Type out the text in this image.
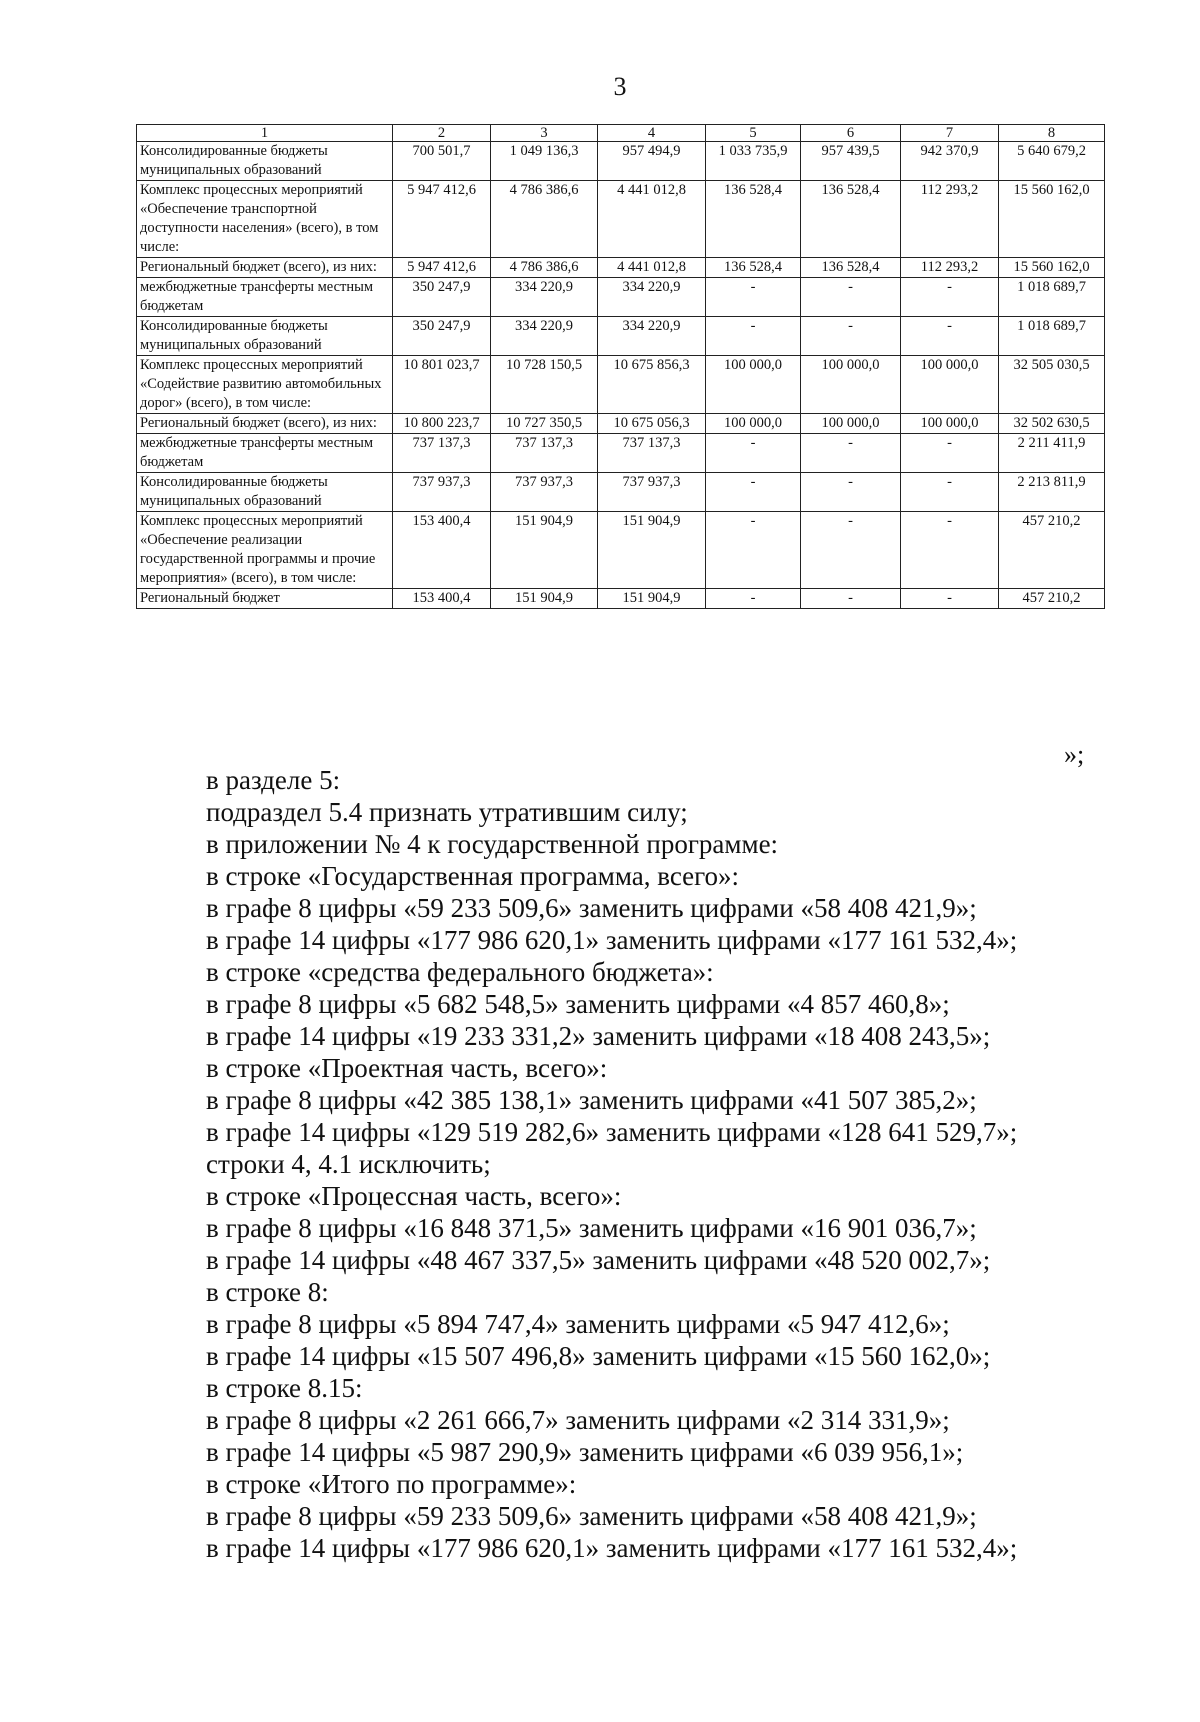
3
1	2	3	4	5	6	7	8
Консолидированные бюджеты муниципальных образований	700 501,7	1 049 136,3	957 494,9	1 033 735,9	957 439,5	942 370,9	5 640 679,2
Комплекс процессных мероприятий «Обеспечение транспортной доступности населения» (всего), в том числе:	5 947 412,6	4 786 386,6	4 441 012,8	136 528,4	136 528,4	112 293,2	15 560 162,0
Региональный бюджет (всего), из них:	5 947 412,6	4 786 386,6	4 441 012,8	136 528,4	136 528,4	112 293,2	15 560 162,0
межбюджетные трансферты местным бюджетам	350 247,9	334 220,9	334 220,9	-	-	-	1 018 689,7
Консолидированные бюджеты муниципальных образований	350 247,9	334 220,9	334 220,9	-	-	-	1 018 689,7
Комплекс процессных мероприятий «Содействие развитию автомобильных дорог» (всего), в том числе:	10 801 023,7	10 728 150,5	10 675 856,3	100 000,0	100 000,0	100 000,0	32 505 030,5
Региональный бюджет (всего), из них:	10 800 223,7	10 727 350,5	10 675 056,3	100 000,0	100 000,0	100 000,0	32 502 630,5
межбюджетные трансферты местным бюджетам	737 137,3	737 137,3	737 137,3	-	-	-	2 211 411,9
Консолидированные бюджеты муниципальных образований	737 937,3	737 937,3	737 937,3	-	-	-	2 213 811,9
Комплекс процессных мероприятий «Обеспечение реализации государственной программы и прочие мероприятия» (всего), в том числе:	153 400,4	151 904,9	151 904,9	-	-	-	457 210,2
Региональный бюджет	153 400,4	151 904,9	151 904,9	-	-	-	457 210,2
»;
в разделе 5:
подраздел 5.4 признать утратившим силу;
в приложении № 4 к государственной программе:
в строке «Государственная программа, всего»:
в графе 8 цифры «59 233 509,6» заменить цифрами «58 408 421,9»;
в графе 14 цифры «177 986 620,1» заменить цифрами «177 161 532,4»;
в строке «средства федерального бюджета»:
в графе 8 цифры «5 682 548,5» заменить цифрами «4 857 460,8»;
в графе 14 цифры «19 233 331,2» заменить цифрами «18 408 243,5»;
в строке «Проектная часть, всего»:
в графе 8 цифры «42 385 138,1» заменить цифрами «41 507 385,2»;
в графе 14 цифры «129 519 282,6» заменить цифрами «128 641 529,7»;
строки 4, 4.1 исключить;
в строке «Процессная часть, всего»:
в графе 8 цифры «16 848 371,5» заменить цифрами «16 901 036,7»;
в графе 14 цифры «48 467 337,5» заменить цифрами «48 520 002,7»;
в строке 8:
в графе 8 цифры «5 894 747,4» заменить цифрами «5 947 412,6»;
в графе 14 цифры «15 507 496,8» заменить цифрами «15 560 162,0»;
в строке 8.15:
в графе 8 цифры «2 261 666,7» заменить цифрами «2 314 331,9»;
в графе 14 цифры «5 987 290,9» заменить цифрами «6 039 956,1»;
в строке «Итого по программе»:
в графе 8 цифры «59 233 509,6» заменить цифрами «58 408 421,9»;
в графе 14 цифры «177 986 620,1» заменить цифрами «177 161 532,4»;
